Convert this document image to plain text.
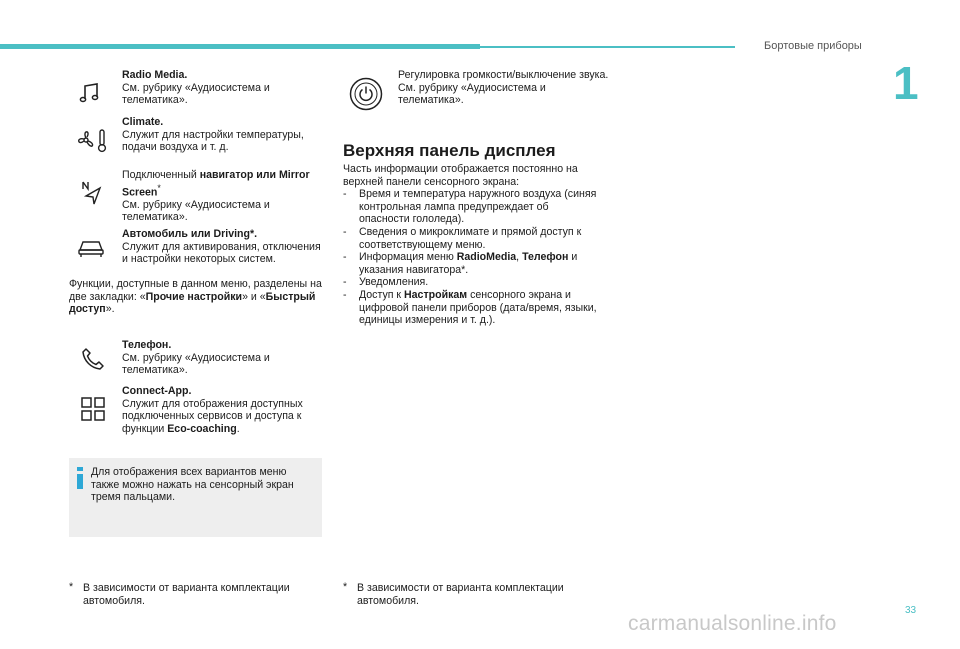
Бортовые приборы
1
Radio Media.
См. рубрику «Аудиосистема и телематика».
Climate.
Служит для настройки температуры, подачи воздуха и т. д.
Подключенный навигатор или Mirror Screen*
См. рубрику «Аудиосистема и телематика».
Автомобиль или Driving*.
Служит для активирования, отключения и настройки некоторых систем.
Функции, доступные в данном меню, разделены на две закладки: «Прочие настройки» и «Быстрый доступ».
Телефон.
См. рубрику «Аудиосистема и телематика».
Connect-App.
Служит для отображения доступных подключенных сервисов и доступа к функции Eco-coaching.
Для отображения всех вариантов меню также можно нажать на сенсорный экран тремя пальцами.
* В зависимости от варианта комплектации автомобиля.
Регулировка громкости/выключение звука. См. рубрику «Аудиосистема и телематика».
Верхняя панель дисплея
Часть информации отображается постоянно на верхней панели сенсорного экрана:
- Время и температура наружного воздуха (синяя контрольная лампа предупреждает об опасности гололеда).
- Сведения о микроклимате и прямой доступ к соответствующему меню.
- Информация меню RadioMedia, Телефон и указания навигатора*.
- Уведомления.
- Доступ к Настройкам сенсорного экрана и цифровой панели приборов (дата/время, языки, единицы измерения и т. д.).
* В зависимости от варианта комплектации автомобиля.
33
carmanualsonline.info
